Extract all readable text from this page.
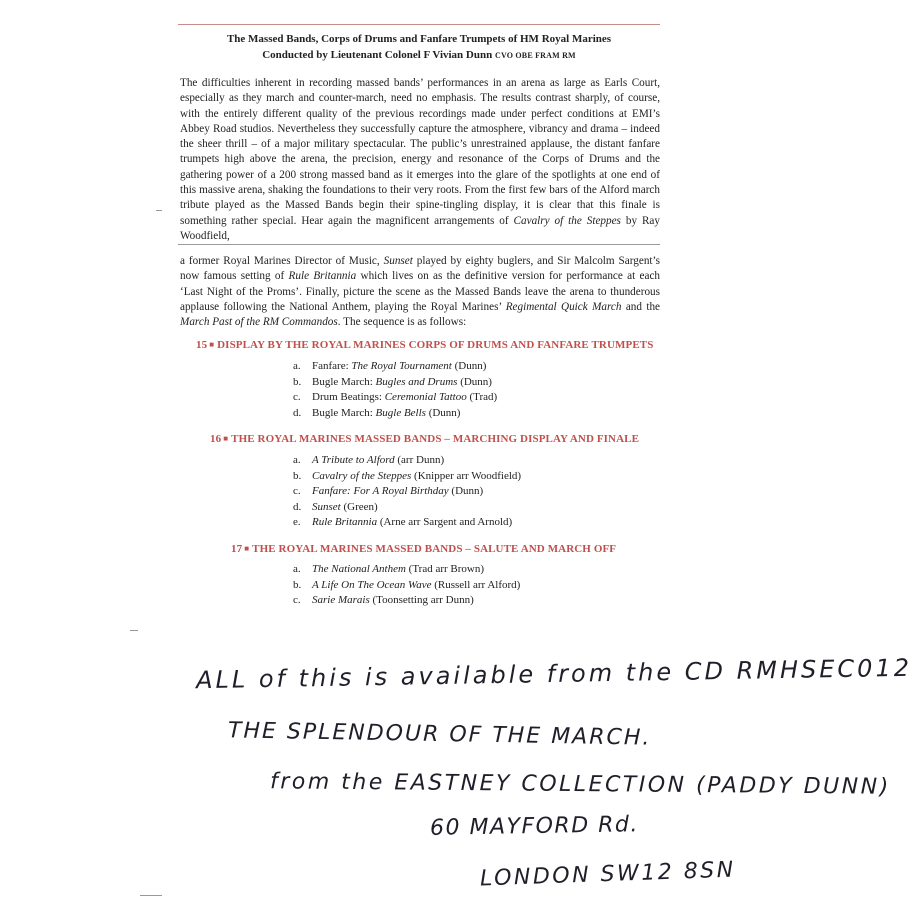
The Massed Bands, Corps of Drums and Fanfare Trumpets of HM Royal Marines
Conducted by Lieutenant Colonel F Vivian Dunn CVO OBE FRAM RM
The difficulties inherent in recording massed bands’ performances in an arena as large as Earls Court, especially as they march and counter-march, need no emphasis. The results contrast sharply, of course, with the entirely different quality of the previous recordings made under perfect conditions at EMI’s Abbey Road studios. Nevertheless they successfully capture the atmosphere, vibrancy and drama – indeed the sheer thrill – of a major military spectacular. The public’s unrestrained applause, the distant fanfare trumpets high above the arena, the precision, energy and resonance of the Corps of Drums and the gathering power of a 200 strong massed band as it emerges into the glare of the spotlights at one end of this massive arena, shaking the foundations to their very roots. From the first few bars of the Alford march tribute played as the Massed Bands begin their spine-tingling display, it is clear that this finale is something rather special. Hear again the magnificent arrangements of Cavalry of the Steppes by Ray Woodfield,
a former Royal Marines Director of Music, Sunset played by eighty buglers, and Sir Malcolm Sargent’s now famous setting of Rule Britannia which lives on as the definitive version for performance at each ‘Last Night of the Proms’. Finally, picture the scene as the Massed Bands leave the arena to thunderous applause following the National Anthem, playing the Royal Marines’ Regimental Quick March and the March Past of the RM Commandos. The sequence is as follows:
15 ■ DISPLAY BY THE ROYAL MARINES CORPS OF DRUMS AND FANFARE TRUMPETS
a. Fanfare: The Royal Tournament (Dunn)
b. Bugle March: Bugles and Drums (Dunn)
c. Drum Beatings: Ceremonial Tattoo (Trad)
d. Bugle March: Bugle Bells (Dunn)
16 ■ THE ROYAL MARINES MASSED BANDS – MARCHING DISPLAY AND FINALE
a. A Tribute to Alford (arr Dunn)
b. Cavalry of the Steppes (Knipper arr Woodfield)
c. Fanfare: For A Royal Birthday (Dunn)
d. Sunset (Green)
e. Rule Britannia (Arne arr Sargent and Arnold)
17 ■ THE ROYAL MARINES MASSED BANDS – SALUTE AND MARCH OFF
a. The National Anthem (Trad arr Brown)
b. A Life On The Ocean Wave (Russell arr Alford)
c. Sarie Marais (Toonsetting arr Dunn)
ALL of this is available from the CD RMHSEC012
THE SPLENDOUR OF THE MARCH.
from the EASTNEY COLLECTION (PADDY DUNN)
60 MAYFORD Rd.
LONDON SW12 8SN
